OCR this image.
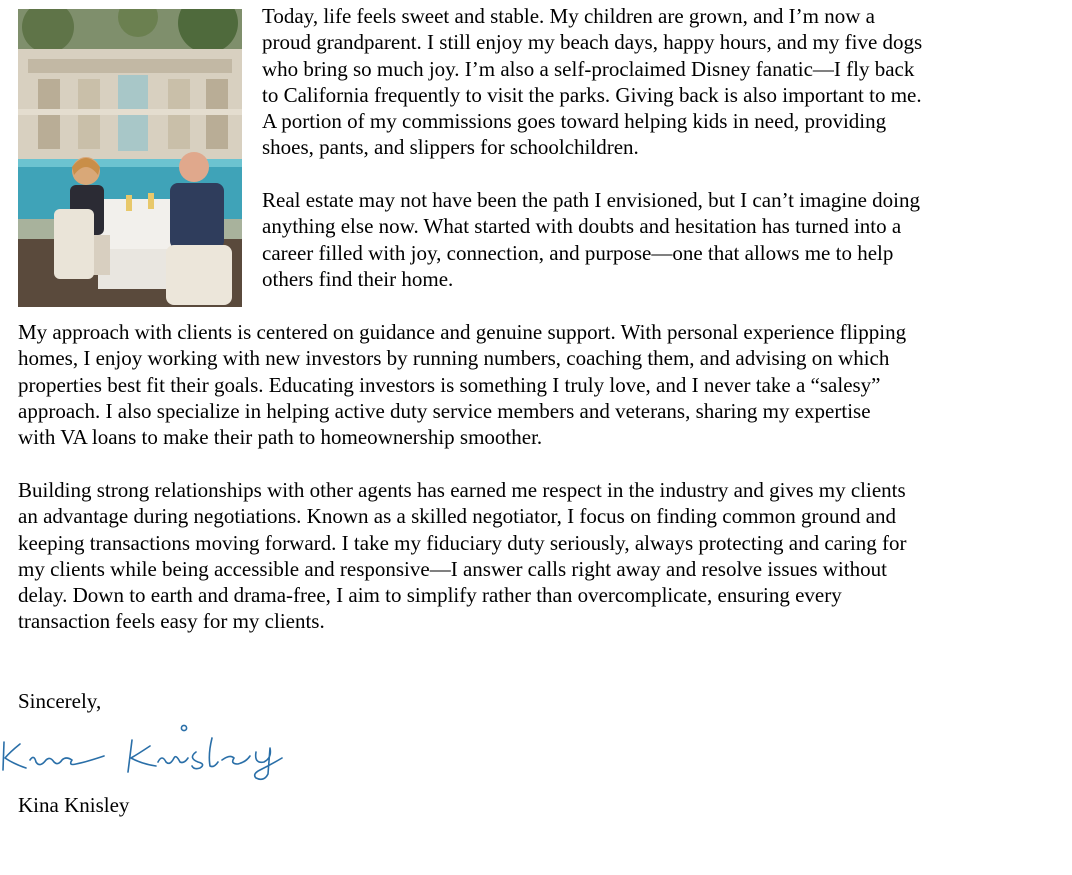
Today, life feels sweet and stable. My children are grown, and I’m now a
proud grandparent. I still enjoy my beach days, happy hours, and my five dogs
who bring so much joy. I’m also a self-proclaimed Disney fanatic—I fly back
to California frequently to visit the parks. Giving back is also important to me.
A portion of my commissions goes toward helping kids in need, providing
shoes, pants, and slippers for schoolchildren.
Real estate may not have been the path I envisioned, but I can’t imagine doing
anything else now. What started with doubts and hesitation has turned into a
career filled with joy, connection, and purpose—one that allows me to help
others find their home.
My approach with clients is centered on guidance and genuine support. With personal experience flipping
homes, I enjoy working with new investors by running numbers, coaching them, and advising on which
properties best fit their goals. Educating investors is something I truly love, and I never take a “salesy”
approach. I also specialize in helping active duty service members and veterans, sharing my expertise
with VA loans to make their path to homeownership smoother.
Building strong relationships with other agents has earned me respect in the industry and gives my clients
an advantage during negotiations. Known as a skilled negotiator, I focus on finding common ground and
keeping transactions moving forward. I take my fiduciary duty seriously, always protecting and caring for
my clients while being accessible and responsive—I answer calls right away and resolve issues without
delay. Down to earth and drama-free, I aim to simplify rather than overcomplicate, ensuring every
transaction feels easy for my clients.

Sincerely,

Kina Knisley
